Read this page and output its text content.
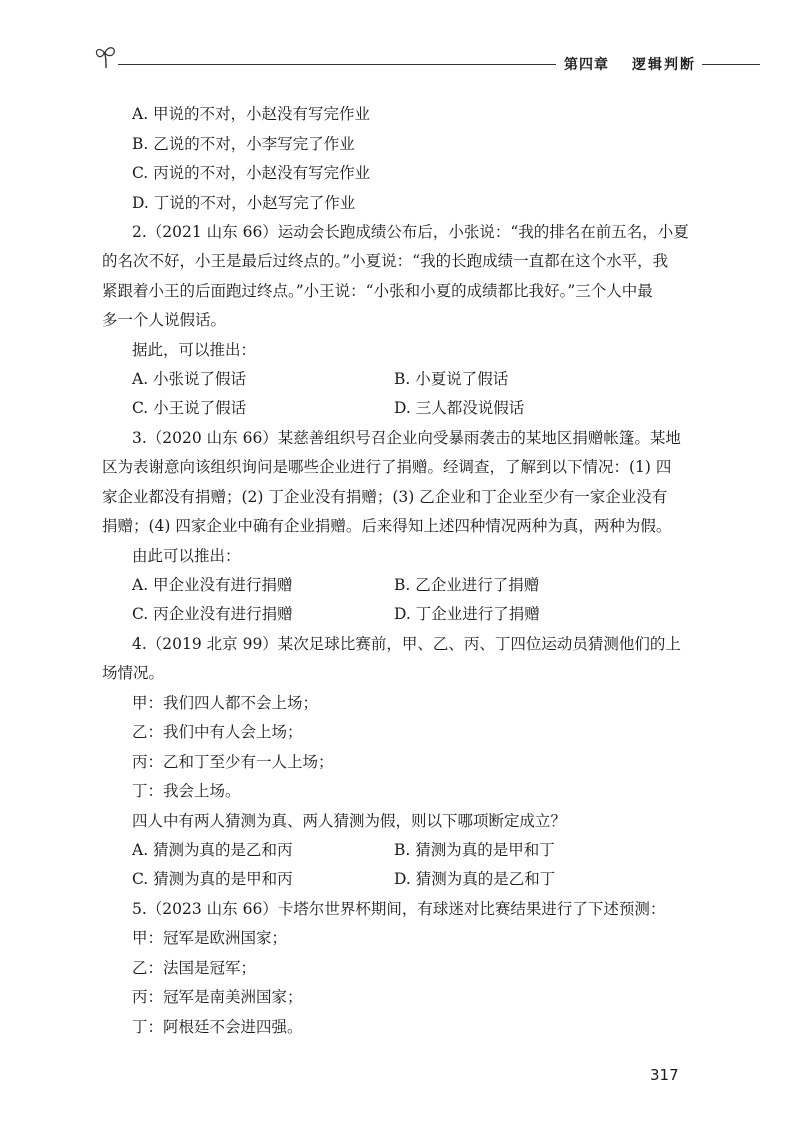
第四章 逻辑判断
A. 甲说的不对，小赵没有写完作业
B. 乙说的不对，小李写完了作业
C. 丙说的不对，小赵没有写完作业
D. 丁说的不对，小赵写完了作业
2.（2021 山东 66）运动会长跑成绩公布后，小张说：“我的排名在前五名，小夏
的名次不好，小王是最后过终点的。”小夏说：“我的长跑成绩一直都在这个水平，我
紧跟着小王的后面跑过终点。”小王说：“小张和小夏的成绩都比我好。”三个人中最
多一个人说假话。
据此，可以推出：
A. 小张说了假话	B. 小夏说了假话
C. 小王说了假话	D. 三人都没说假话
3.（2020 山东 66）某慈善组织号召企业向受暴雨袭击的某地区捐赠帐篷。某地
区为表谢意向该组织询问是哪些企业进行了捐赠。经调查，了解到以下情况：(1) 四
家企业都没有捐赠；(2) 丁企业没有捐赠；(3) 乙企业和丁企业至少有一家企业没有
捐赠；(4) 四家企业中确有企业捐赠。后来得知上述四种情况两种为真，两种为假。
由此可以推出：
A. 甲企业没有进行捐赠	B. 乙企业进行了捐赠
C. 丙企业没有进行捐赠	D. 丁企业进行了捐赠
4.（2019 北京 99）某次足球比赛前，甲、乙、丙、丁四位运动员猜测他们的上
场情况。
甲：我们四人都不会上场；
乙：我们中有人会上场；
丙：乙和丁至少有一人上场；
丁：我会上场。
四人中有两人猜测为真、两人猜测为假，则以下哪项断定成立？
A. 猜测为真的是乙和丙	B. 猜测为真的是甲和丁
C. 猜测为真的是甲和丙	D. 猜测为真的是乙和丁
5.（2023 山东 66）卡塔尔世界杯期间，有球迷对比赛结果进行了下述预测：
甲：冠军是欧洲国家；
乙：法国是冠军；
丙：冠军是南美洲国家；
丁：阿根廷不会进四强。
317
